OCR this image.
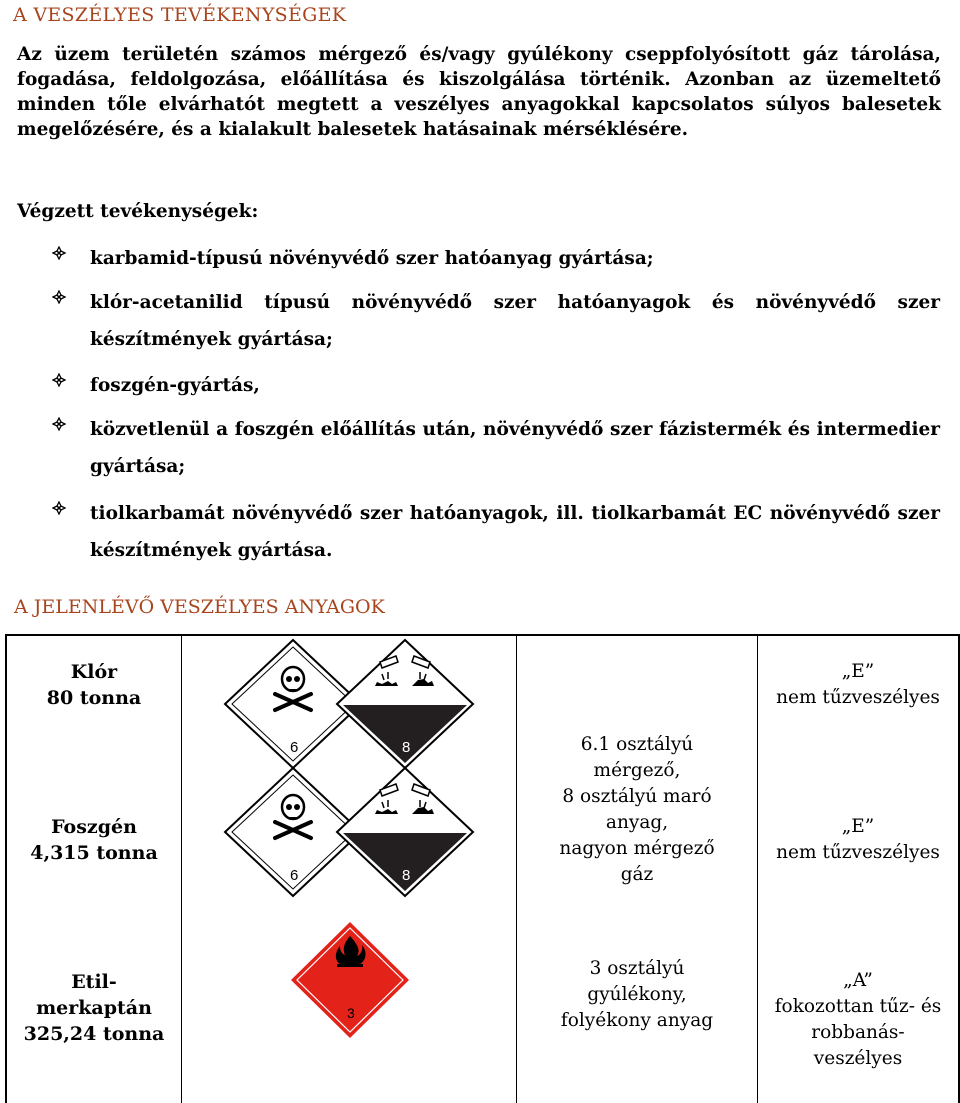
A VESZÉLYES TEVÉKENYSÉGEK
Az üzem területén számos mérgező és/vagy gyúlékony cseppfolyósított gáz tárolása, fogadása, feldolgozása, előállítása és kiszolgálása történik. Azonban az üzemeltető minden tőle elvárhatót megtett a veszélyes anyagokkal kapcsolatos súlyos balesetek megelőzésére, és a kialakult balesetek hatásainak mérséklésére.
Végzett tevékenységek:
karbamid-típusú növényvédő szer hatóanyag gyártása;
klór-acetanilid típusú növényvédő szer hatóanyagok és növényvédő szer készítmények gyártása;
foszgén-gyártás,
közvetlenül a foszgén előállítás után, növényvédő szer fázistermék és intermedier gyártása;
tiolkarbamát növényvédő szer hatóanyagok, ill. tiolkarbamát EC növényvédő szer készítmények gyártása.
A JELENLÉVŐ VESZÉLYES ANYAGOK
Klór
80 tonna
„E”
nem tűzveszélyes
Foszgén
4,315 tonna
„E”
nem tűzveszélyes
6.1 osztályú
mérgező,
8 osztályú maró
anyag,
nagyon mérgező
gáz
Etil-
merkaptán
325,24 tonna
3 osztályú
gyúlékony,
folyékony anyag
„A”
fokozottan tűz- és robbanás-veszélyes
6	8
6	8
3
